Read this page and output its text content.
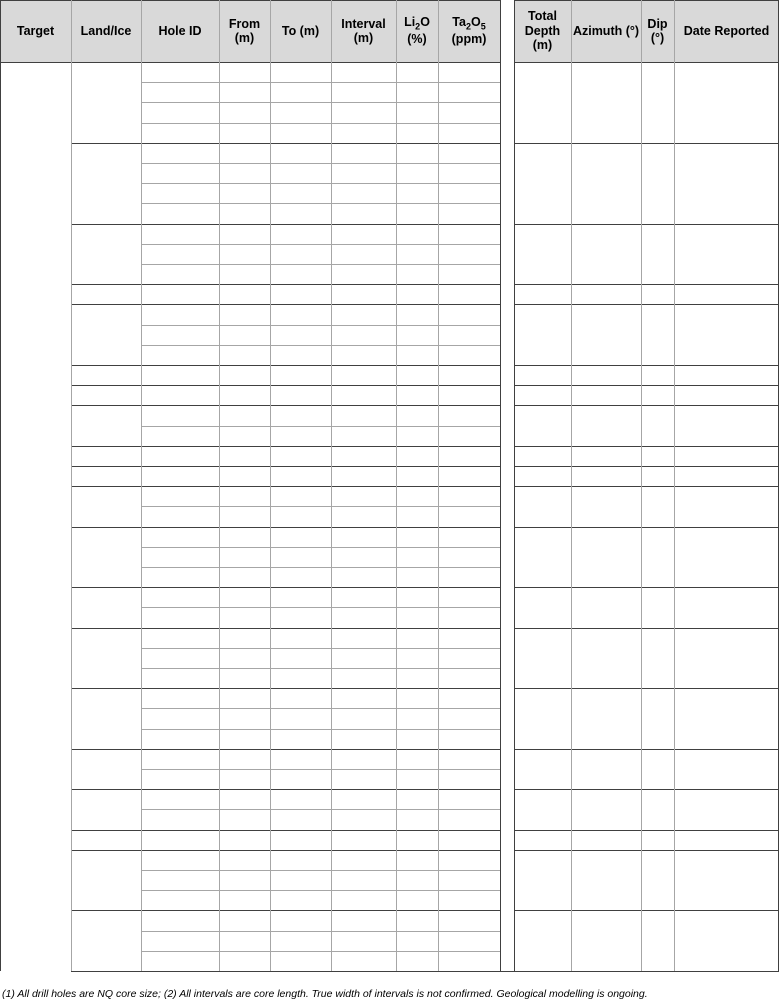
Target Land/Ice Hole ID
From (m)
To (m)
Interval (m)
$Li_2O$
(%)
$Ta_2O_5$
(ppm)
Total Depth (m)
Azimuth (°)
Dip (°)
Date Reported
(1) All drill holes are NQ core size; (2) All intervals are core length. True width of intervals is not confirmed. Geological modelling is ongoing.
